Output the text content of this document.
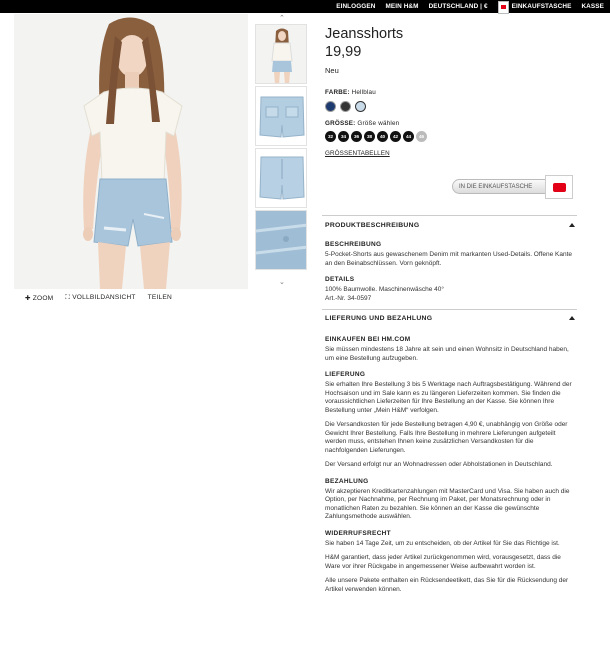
EINLOGGEN MEIN H&M DEUTSCHLAND | €	EINKAUFSTASCHE KASSE
✚ ZOOM ⛶ VOLLBILDANSICHT TEILEN
⌃
⌄
Jeansshorts
19,99
Neu
FARBE: Hellblau
GRÖSSE: Größe wählen
32	34	36	38	40	42	44	46
GRÖSSENTABELLEN
IN DIE EINKAUFSTASCHE
PRODUKTBESCHREIBUNG
BESCHREIBUNG
5-Pocket-Shorts aus gewaschenem Denim mit markanten Used-Details. Offene Kante an den Beinabschlüssen. Vorn geknöpft.
DETAILS
100% Baumwolle. Maschinenwäsche 40°
Art.-Nr. 34-0597
LIEFERUNG UND BEZAHLUNG
EINKAUFEN BEI HM.COM
Sie müssen mindestens 18 Jahre alt sein und einen Wohnsitz in Deutschland haben, um eine Bestellung aufzugeben.
LIEFERUNG
Sie erhalten Ihre Bestellung 3 bis 5 Werktage nach Auftragsbestätigung. Während der Hochsaison und im Sale kann es zu längeren Lieferzeiten kommen. Sie finden die voraussichtlichen Lieferzeiten für Ihre Bestellung an der Kasse. Sie können Ihre Bestellung unter „Mein H&M“ verfolgen.
Die Versandkosten für jede Bestellung betragen 4,90 €, unabhängig von Größe oder Gewicht Ihrer Bestellung. Falls Ihre Bestellung in mehrere Lieferungen aufgeteilt werden muss, entstehen Ihnen keine zusätzlichen Versandkosten für die nachfolgenden Lieferungen.
Der Versand erfolgt nur an Wohnadressen oder Abholstationen in Deutschland.
BEZAHLUNG
Wir akzeptieren Kreditkartenzahlungen mit MasterCard und Visa. Sie haben auch die Option, per Nachnahme, per Rechnung im Paket, per Monatsrechnung oder in monatlichen Raten zu bezahlen. Sie können an der Kasse die gewünschte Zahlungsmethode auswählen.
WIDERRUFSRECHT
Sie haben 14 Tage Zeit, um zu entscheiden, ob der Artikel für Sie das Richtige ist.
H&M garantiert, dass jeder Artikel zurückgenommen wird, vorausgesetzt, dass die Ware vor ihrer Rückgabe in angemessener Weise aufbewahrt worden ist.
Alle unsere Pakete enthalten ein Rücksendeetikett, das Sie für die Rücksendung der Artikel verwenden können.
